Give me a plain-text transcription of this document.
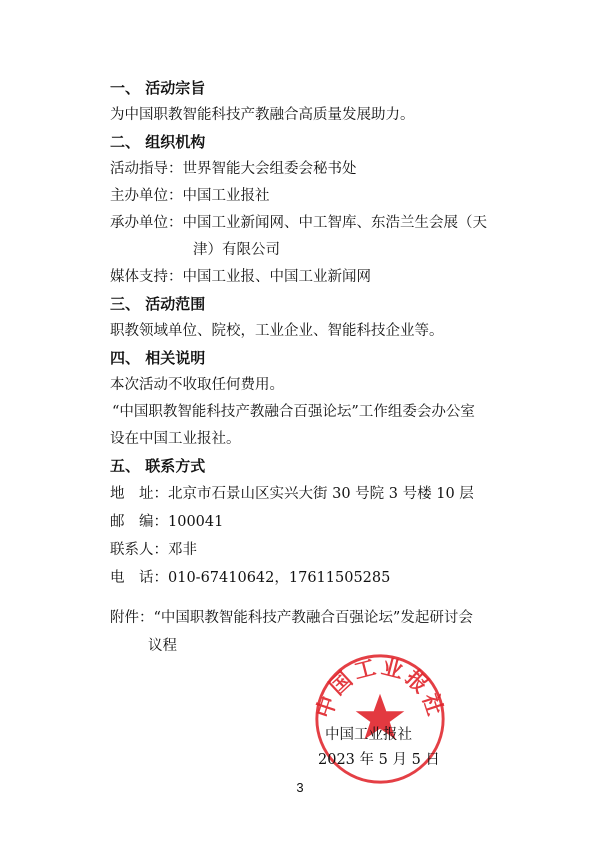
一、 活动宗旨
为中国职教智能科技产教融合高质量发展助力。
二、 组织机构
活动指导：世界智能大会组委会秘书处
主办单位：中国工业报社
承办单位：中国工业新闻网、中工智库、东浩兰生会展（天
津）有限公司
媒体支持：中国工业报、中国工业新闻网
三、 活动范围
职教领域单位、院校，工业企业、智能科技企业等。
四、 相关说明
本次活动不收取任何费用。
“中国职教智能科技产教融合百强论坛”工作组委会办公室
设在中国工业报社。
五、 联系方式
地　址：北京市石景山区实兴大街 30 号院 3 号楼 10 层
邮　编：100041
联系人：邓非
电　话：010-67410642，17611505285
附件：“中国职教智能科技产教融合百强论坛”发起研讨会
议程
中国工业报社
中国工业报社
2023 年 5 月 5 日
3
